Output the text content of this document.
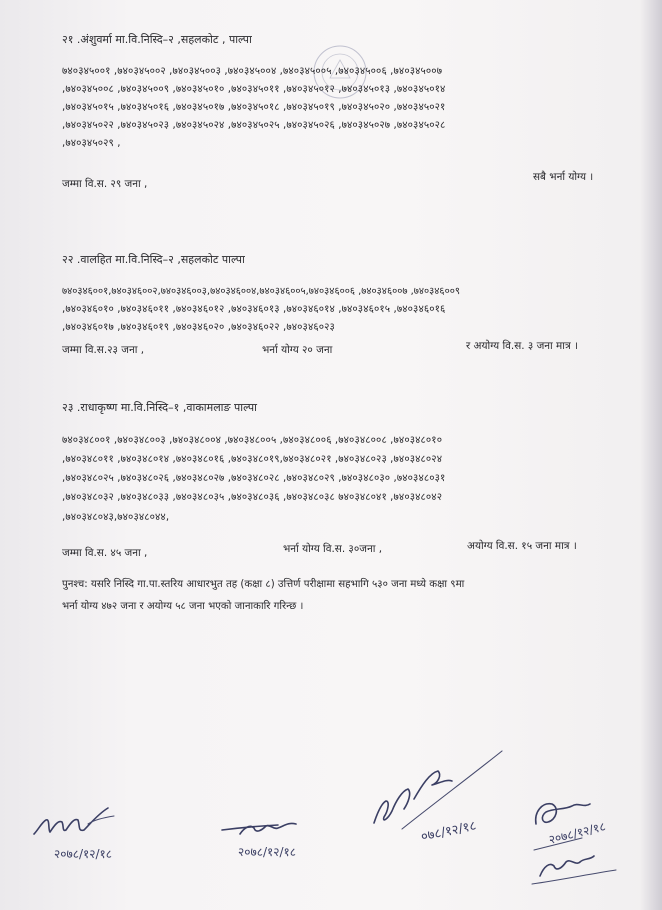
२१ .अंशुवर्मा मा.वि.निस्दि–२ ,सहलकोट , पाल्पा
७४०३४५००१ ,७४०३४५००२ ,७४०३४५००३ ,७४०३४५००४ ,७४०३४५००५ ,७४०३४५००६ ,७४०३४५००७
,७४०३४५००८ ,७४०३४५००९ ,७४०३४५०१० ,७४०३४५०११ ,७४०३४५०१२ ,७४०३४५०१३ ,७४०३४५०१४
,७४०३४५०१५ ,७४०३४५०१६ ,७४०३४५०१७ ,७४०३४५०१८ ,७४०३४५०१९ ,७४०३४५०२० ,७४०३४५०२१
,७४०३४५०२२ ,७४०३४५०२३ ,७४०३४५०२४ ,७४०३४५०२५ ,७४०३४५०२६ ,७४०३४५०२७ ,७४०३४५०२८
,७४०३४५०२९ ,
जम्मा वि.स. २९ जना ,
सबै भर्ना योग्य ।
२२ .वालहित मा.वि.निस्दि–२ ,सहलकोट पाल्पा
७४०३४६००१,७४०३४६००२,७४०३४६००३,७४०३४६००४,७४०३४६००५,७४०३४६००६ ,७४०३४६००७ ,७४०३४६००९
,७४०३४६०१० ,७४०३४६०११ ,७४०३४६०१२ ,७४०३४६०१३ ,७४०३४६०१४ ,७४०३४६०१५ ,७४०३४६०१६
,७४०३४६०१७ ,७४०३४६०१९ ,७४०३४६०२० ,७४०३४६०२२ ,७४०३४६०२३
जम्मा वि.स.२३ जना ,	भर्ना योग्य २० जना	र अयोग्य वि.स. ३ जना मात्र ।
२३ .राधाकृष्ण मा.वि.निस्दि–१ ,वाकामलाङ पाल्पा
७४०३४८००१ ,७४०३४८००३ ,७४०३४८००४ ,७४०३४८००५ ,७४०३४८००६ ,७४०३४८००८ ,७४०३४८०१०
,७४०३४८०११ ,७४०३४८०१४ ,७४०३४८०१६ ,७४०३४८०१९,७४०३४८०२१ ,७४०३४८०२३ ,७४०३४८०२४
,७४०३४८०२५ ,७४०३४८०२६ ,७४०३४८०२७ ,७४०३४८०२८ ,७४०३४८०२९ ,७४०३४८०३० ,७४०३४८०३१
,७४०३४८०३२ ,७४०३४८०३३ ,७४०३४८०३५ ,७४०३४८०३६ ,७४०३४८०३८ ७४०३४८०४१ ,७४०३४८०४२
,७४०३४८०४३,७४०३४८०४४,
जम्मा वि.स. ४५ जना ,	भर्ना योग्य वि.स. ३०जना ,	अयोग्य वि.स. १५ जना मात्र ।
पुनश्च: यसरि निस्दि गा.पा.स्तरिय आधारभुत तह (कक्षा ८) उत्तिर्ण परीक्षामा सहभागि ५३० जना मध्ये कक्षा ९मा
भर्ना योग्य ४७२ जना र अयोग्य ५८ जना भएको जानाकारि गरिन्छ ।
२०७८/१२/१८	२०७८/१२/१८
०७८/१२/१८	२०७८/१२/१८
